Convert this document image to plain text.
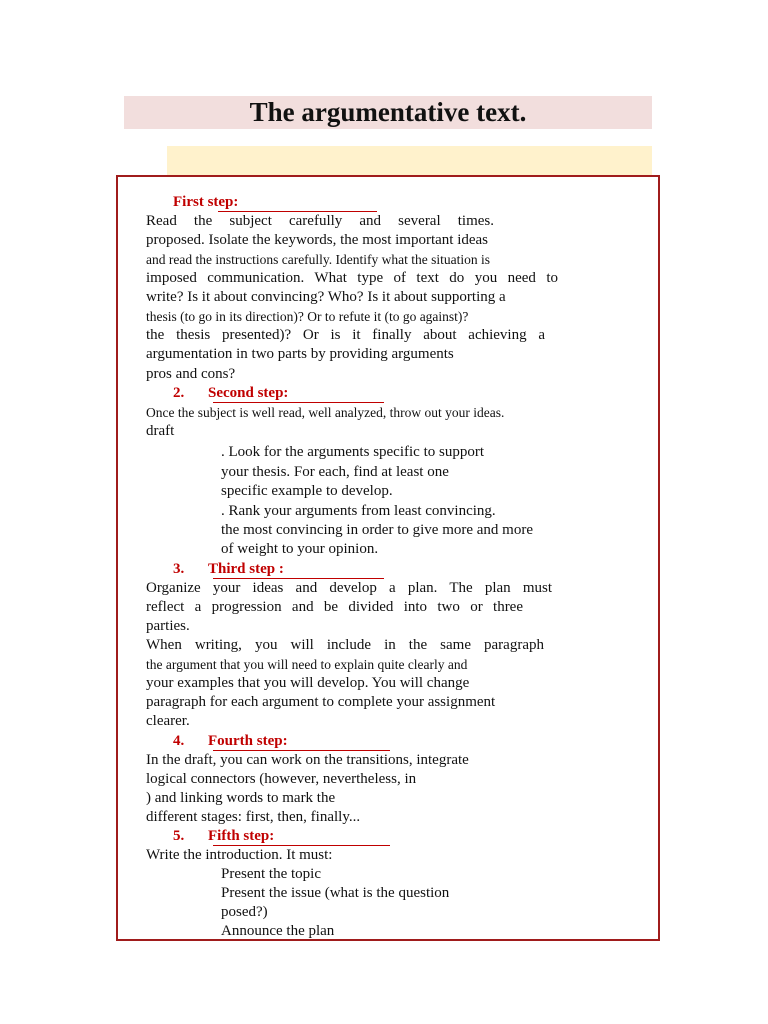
The argumentative text.
First step:
Read the subject carefully and several times.
proposed. Isolate the keywords, the most important ideas
and read the instructions carefully. Identify what the situation is
imposed communication. What type of text do you need to
write? Is it about convincing? Who? Is it about supporting a
thesis (to go in its direction)? Or to refute it (to go against)?
the thesis presented)? Or is it finally about achieving a
argumentation in two parts by providing arguments
pros and cons?
2. Second step:
Once the subject is well read, well analyzed, throw out your ideas.
draft
. Look for the arguments specific to support
your thesis. For each, find at least one
specific example to develop.
. Rank your arguments from least convincing.
the most convincing in order to give more and more
of weight to your opinion.
3. Third step :
Organize your ideas and develop a plan. The plan must
reflect a progression and be divided into two or three
parties.
When writing, you will include in the same paragraph
the argument that you will need to explain quite clearly and
your examples that you will develop. You will change
paragraph for each argument to complete your assignment
clearer.
4. Fourth step:
In the draft, you can work on the transitions, integrate
logical connectors (however, nevertheless, in
) and linking words to mark the
different stages: first, then, finally...
5. Fifth step:
Write the introduction. It must:
Present the topic
Present the issue (what is the question
posed?)
Announce the plan
